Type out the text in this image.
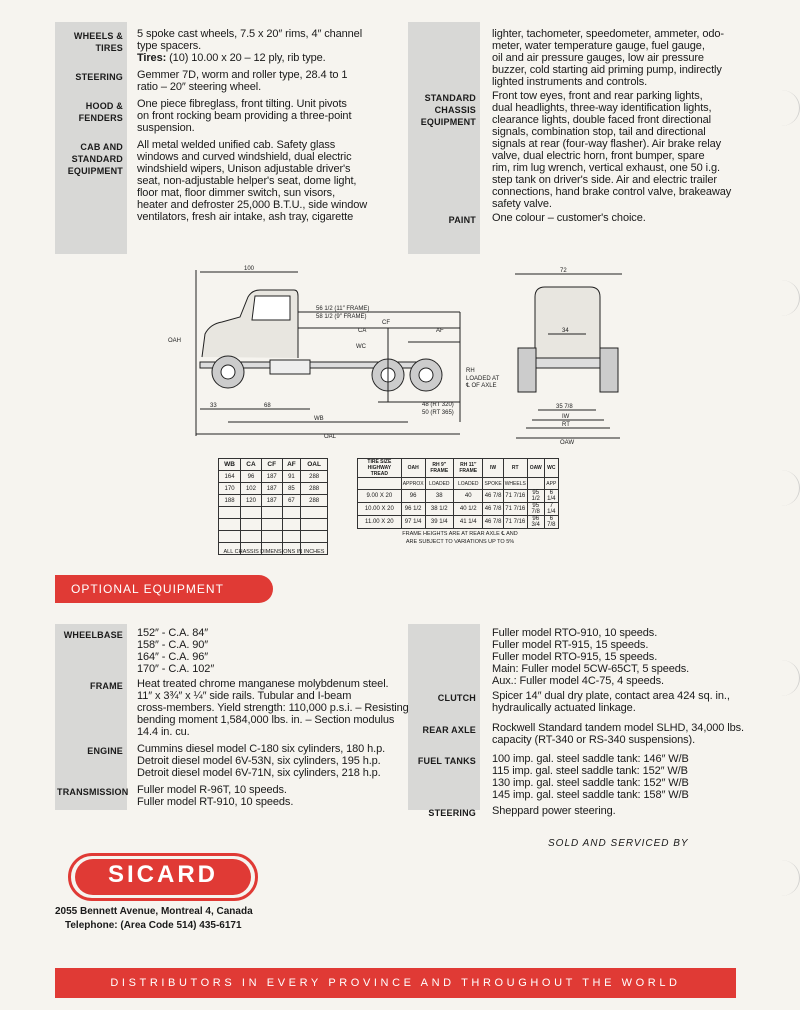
WHEELS &
TIRES
5 spoke cast wheels, 7.5 x 20″ rims, 4″ channel
type spacers.
Tires: (10) 10.00 x 20 – 12 ply, rib type.
STEERING Gemmer 7D, worm and roller type, 28.4 to 1
ratio – 20″ steering wheel.
HOOD &
FENDERS
One piece fibreglass, front tilting. Unit pivots
on front rocking beam providing a three-point
suspension.
CAB AND
STANDARD
EQUIPMENT
All metal welded unified cab. Safety glass
windows and curved windshield, dual electric
windshield wipers, Unison adjustable driver's
seat, non-adjustable helper's seat, dome light,
floor mat, floor dimmer switch, sun visors,
heater and defroster 25,000 B.T.U., side window
ventilators, fresh air intake, ash tray, cigarette
lighter, tachometer, speedometer, ammeter, odo-
meter, water temperature gauge, fuel gauge,
oil and air pressure gauges, low air pressure
buzzer, cold starting aid priming pump, indirectly
lighted instruments and controls.
STANDARD
CHASSIS
EQUIPMENT
Front tow eyes, front and rear parking lights,
dual headlights, three-way identification lights,
clearance lights, double faced front directional
signals, combination stop, tail and directional
signals at rear (four-way flasher). Air brake relay
valve, dual electric horn, front bumper, spare
rim, rim lug wrench, vertical exhaust, one 50 i.g.
step tank on driver's side. Air and electric trailer
connections, hand brake control valve, brakeaway
safety valve.
PAINT One colour – customer's choice.
100
56 1/2 (11″ FRAME)
58 1/2 (9″ FRAME)
CF
CA	AF
OAH
WC
RH
LOADED AT
℄ OF AXLE
33	68	48 (RT 320)
50 (RT 365)
WB
OAL
72
34
35 7/8
IW
RT
OAW
WB	CA	CF	AF	OAL
164	96	187	91	288
170	102	187	85	288
188	120	187	67	288

ALL CHASSIS DIMENSIONS IN INCHES
TIRE SIZE HIGHWAY TREAD	OAH	RH 9″ FRAME	RH 11″ FRAME	IW	RT	OAW	WC
	APPROX	LOADED	LOADED	SPOKE	WHEELS		APP
9.00 X 20	96	38	40	46 7/8	71 7/16	95 1/2	6 1/4
10.00 X 20	96 1/2	38 1/2	40 1/2	46 7/8	71 7/16	95 7/8	7 1/4
11.00 X 20	97 1/4	39 1/4	41 1/4	46 7/8	71 7/16	96 3/4	6 7/8
FRAME HEIGHTS ARE AT REAR AXLE ℄ AND
ARE SUBJECT TO VARIATIONS UP TO 5%
OPTIONAL EQUIPMENT
WHEELBASE 152″ - C.A. 84″
158″ - C.A. 90″
164″ - C.A. 96″
170″ - C.A. 102″
FRAME Heat treated chrome manganese molybdenum steel.
11″ x 3¾″ x ¼″ side rails. Tubular and I-beam
cross-members. Yield strength: 110,000 p.s.i. – Resisting
bending moment 1,584,000 lbs. in. – Section modulus
14.4 in. cu.
ENGINE Cummins diesel model C-180 six cylinders, 180 h.p.
Detroit diesel model 6V-53N, six cylinders, 195 h.p.
Detroit diesel model 6V-71N, six cylinders, 218 h.p.
TRANSMISSION Fuller model R-96T, 10 speeds.
Fuller model RT-910, 10 speeds.
Fuller model RTO-910, 10 speeds.
Fuller model RT-915, 15 speeds.
Fuller model RTO-915, 15 speeds.
Main: Fuller model 5CW-65CT, 5 speeds.
Aux.: Fuller model 4C-75, 4 speeds.
CLUTCH Spicer 14″ dual dry plate, contact area 424 sq. in.,
hydraulically actuated linkage.
REAR AXLE Rockwell Standard tandem model SLHD, 34,000 lbs.
capacity (RT-340 or RS-340 suspensions).
FUEL TANKS 100 imp. gal. steel saddle tank: 146″ W/B
115 imp. gal. steel saddle tank: 152″ W/B
130 imp. gal. steel saddle tank: 152″ W/B
145 imp. gal. steel saddle tank: 158″ W/B
STEERING Sheppard power steering.
SOLD AND SERVICED BY
SICARD
INC.
2055 Bennett Avenue, Montreal 4, Canada
Telephone: (Area Code 514) 435-6171
DISTRIBUTORS IN EVERY PROVINCE AND THROUGHOUT THE WORLD
